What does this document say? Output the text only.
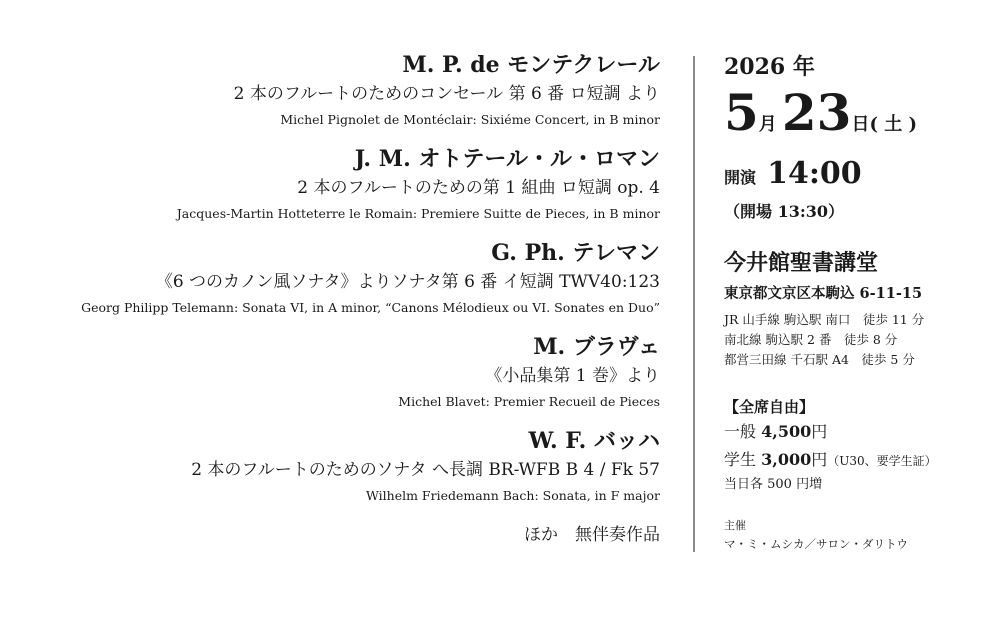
M. P. de モンテクレール
2 本のフルートのためのコンセール 第 6 番 ロ短調 より
Michel Pignolet de Montéclair: Sixiéme Concert, in B minor
J. M. オトテール・ル・ロマン
2 本のフルートのための第 1 組曲 ロ短調 op. 4
Jacques-Martin Hotteterre le Romain: Premiere Suitte de Pieces, in B minor
G. Ph. テレマン
《6 つのカノン風ソナタ》よりソナタ第 6 番 イ短調 TWV40:123
Georg Philipp Telemann: Sonata VI, in A minor, “Canons Mélodieux ou VI. Sonates en Duo”
M. ブラヴェ
《小品集第 1 巻》より
Michel Blavet: Premier Recueil de Pieces
W. F. バッハ
2 本のフルートのためのソナタ へ長調 BR-WFB B 4 / Fk 57
Wilhelm Friedemann Bach: Sonata, in F major
ほか　無伴奏作品
2026 年
5月 23日( 土 )
開演 14:00
（開場 13:30）
今井館聖書講堂
東京都文京区本駒込 6-11-15
JR 山手線 駒込駅 南口　徒歩 11 分
南北線 駒込駅 2 番　徒歩 8 分
都営三田線 千石駅 A4　徒歩 5 分
【全席自由】
一般 4,500円
学生 3,000円（U30、要学生証）
当日各 500 円増
主催
マ・ミ・ムシカ／サロン・ダリトウ
